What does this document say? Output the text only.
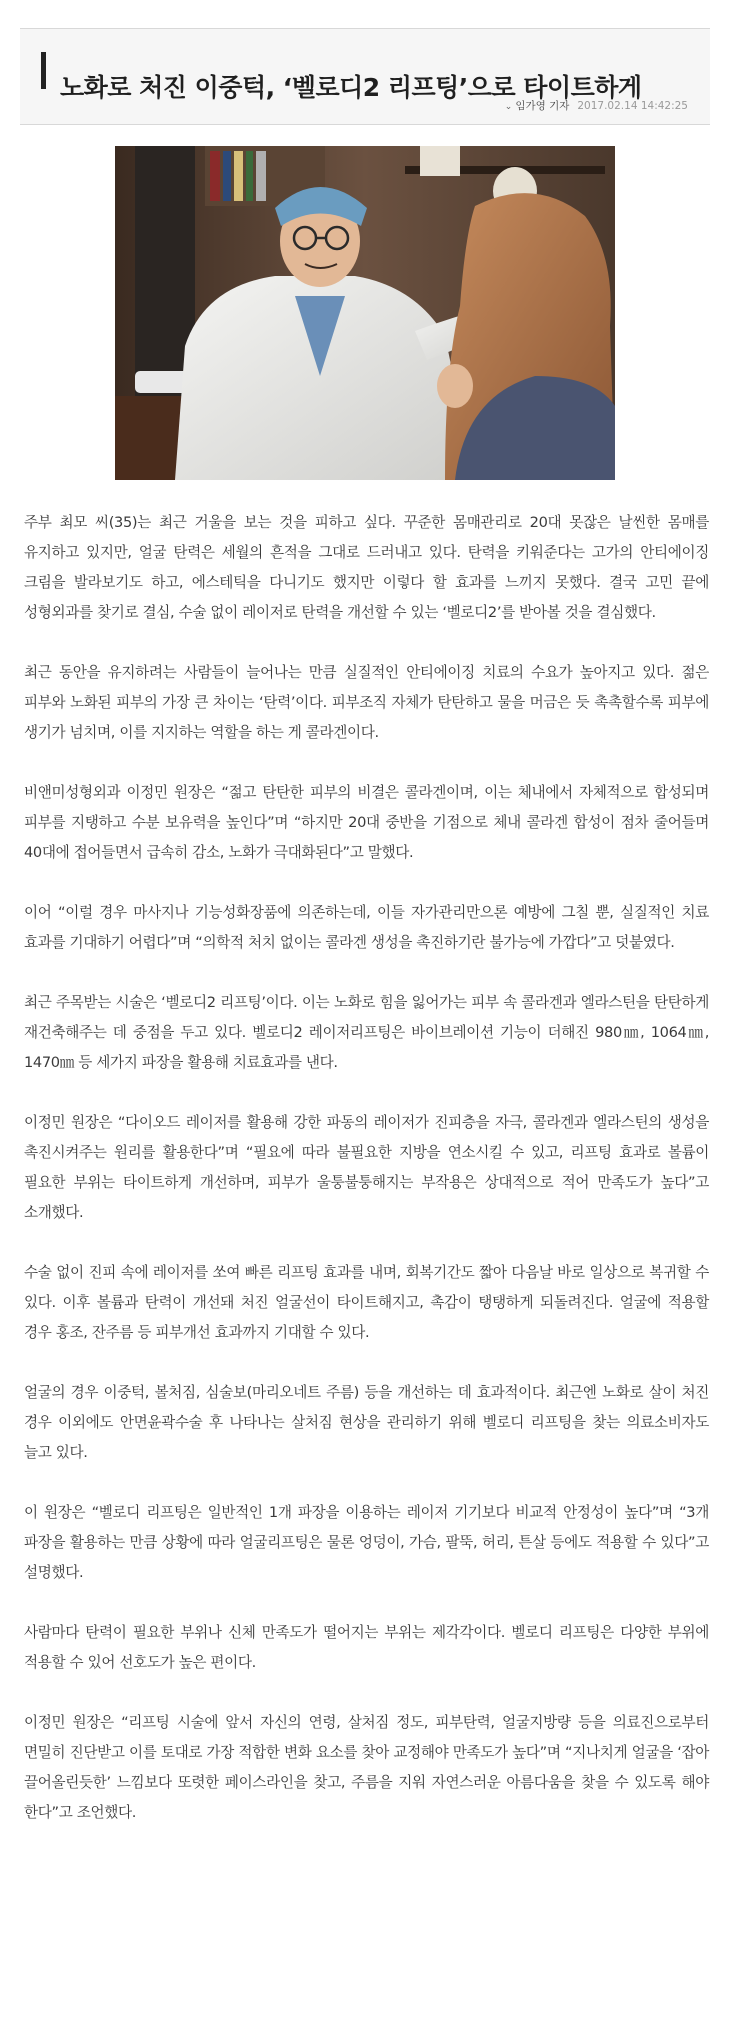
노화로 처진 이중턱, ‘벨로디2 리프팅’으로 타이트하게
⌄ 임가영 기자 2017.02.14 14:42:25

주부 최모 씨(35)는 최근 거울을 보는 것을 피하고 싶다. 꾸준한 몸매관리로 20대 못잖은 날씬한 몸매를 유지하고 있지만, 얼굴 탄력은 세월의 흔적을 그대로 드러내고 있다. 탄력을 키워준다는 고가의 안티에이징 크림을 발라보기도 하고, 에스테틱을 다니기도 했지만 이렇다 할 효과를 느끼지 못했다. 결국 고민 끝에 성형외과를 찾기로 결심, 수술 없이 레이저로 탄력을 개선할 수 있는 ‘벨로디2’를 받아볼 것을 결심했다.

최근 동안을 유지하려는 사람들이 늘어나는 만큼 실질적인 안티에이징 치료의 수요가 높아지고 있다. 젊은 피부와 노화된 피부의 가장 큰 차이는 ‘탄력’이다. 피부조직 자체가 탄탄하고 물을 머금은 듯 촉촉할수록 피부에 생기가 넘치며, 이를 지지하는 역할을 하는 게 콜라겐이다.

비앤미성형외과 이정민 원장은 “젊고 탄탄한 피부의 비결은 콜라겐이며, 이는 체내에서 자체적으로 합성되며 피부를 지탱하고 수분 보유력을 높인다”며 “하지만 20대 중반을 기점으로 체내 콜라겐 합성이 점차 줄어들며 40대에 접어들면서 급속히 감소, 노화가 극대화된다”고 말했다.

이어 “이럴 경우 마사지나 기능성화장품에 의존하는데, 이들 자가관리만으론 예방에 그칠 뿐, 실질적인 치료 효과를 기대하기 어렵다”며 “의학적 처치 없이는 콜라겐 생성을 촉진하기란 불가능에 가깝다”고 덧붙였다.

최근 주목받는 시술은 ‘벨로디2 리프팅’이다. 이는 노화로 힘을 잃어가는 피부 속 콜라겐과 엘라스틴을 탄탄하게 재건축해주는 데 중점을 두고 있다. 벨로디2 레이저리프팅은 바이브레이션 기능이 더해진 980㎚, 1064㎚, 1470㎚ 등 세가지 파장을 활용해 치료효과를 낸다.

이정민 원장은 “다이오드 레이저를 활용해 강한 파동의 레이저가 진피층을 자극, 콜라겐과 엘라스틴의 생성을 촉진시켜주는 원리를 활용한다”며 “필요에 따라 불필요한 지방을 연소시킬 수 있고, 리프팅 효과로 볼륨이 필요한 부위는 타이트하게 개선하며, 피부가 울퉁불퉁해지는 부작용은 상대적으로 적어 만족도가 높다”고 소개했다.

수술 없이 진피 속에 레이저를 쏘여 빠른 리프팅 효과를 내며, 회복기간도 짧아 다음날 바로 일상으로 복귀할 수 있다. 이후 볼륨과 탄력이 개선돼 처진 얼굴선이 타이트해지고, 촉감이 탱탱하게 되돌려진다. 얼굴에 적용할 경우 홍조, 잔주름 등 피부개선 효과까지 기대할 수 있다.

얼굴의 경우 이중턱, 볼처짐, 심술보(마리오네트 주름) 등을 개선하는 데 효과적이다. 최근엔 노화로 살이 처진 경우 이외에도 안면윤곽수술 후 나타나는 살처짐 현상을 관리하기 위해 벨로디 리프팅을 찾는 의료소비자도 늘고 있다.

이 원장은 “벨로디 리프팅은 일반적인 1개 파장을 이용하는 레이저 기기보다 비교적 안정성이 높다”며 “3개 파장을 활용하는 만큼 상황에 따라 얼굴리프팅은 물론 엉덩이, 가슴, 팔뚝, 허리, 튼살 등에도 적용할 수 있다”고 설명했다.

사람마다 탄력이 필요한 부위나 신체 만족도가 떨어지는 부위는 제각각이다. 벨로디 리프팅은 다양한 부위에 적용할 수 있어 선호도가 높은 편이다.

이정민 원장은 “리프팅 시술에 앞서 자신의 연령, 살처짐 정도, 피부탄력, 얼굴지방량 등을 의료진으로부터 면밀히 진단받고 이를 토대로 가장 적합한 변화 요소를 찾아 교정해야 만족도가 높다”며 “지나치게 얼굴을 ‘잡아 끌어올린듯한’ 느낌보다 또렷한 페이스라인을 찾고, 주름을 지워 자연스러운 아름다움을 찾을 수 있도록 해야 한다”고 조언했다.
